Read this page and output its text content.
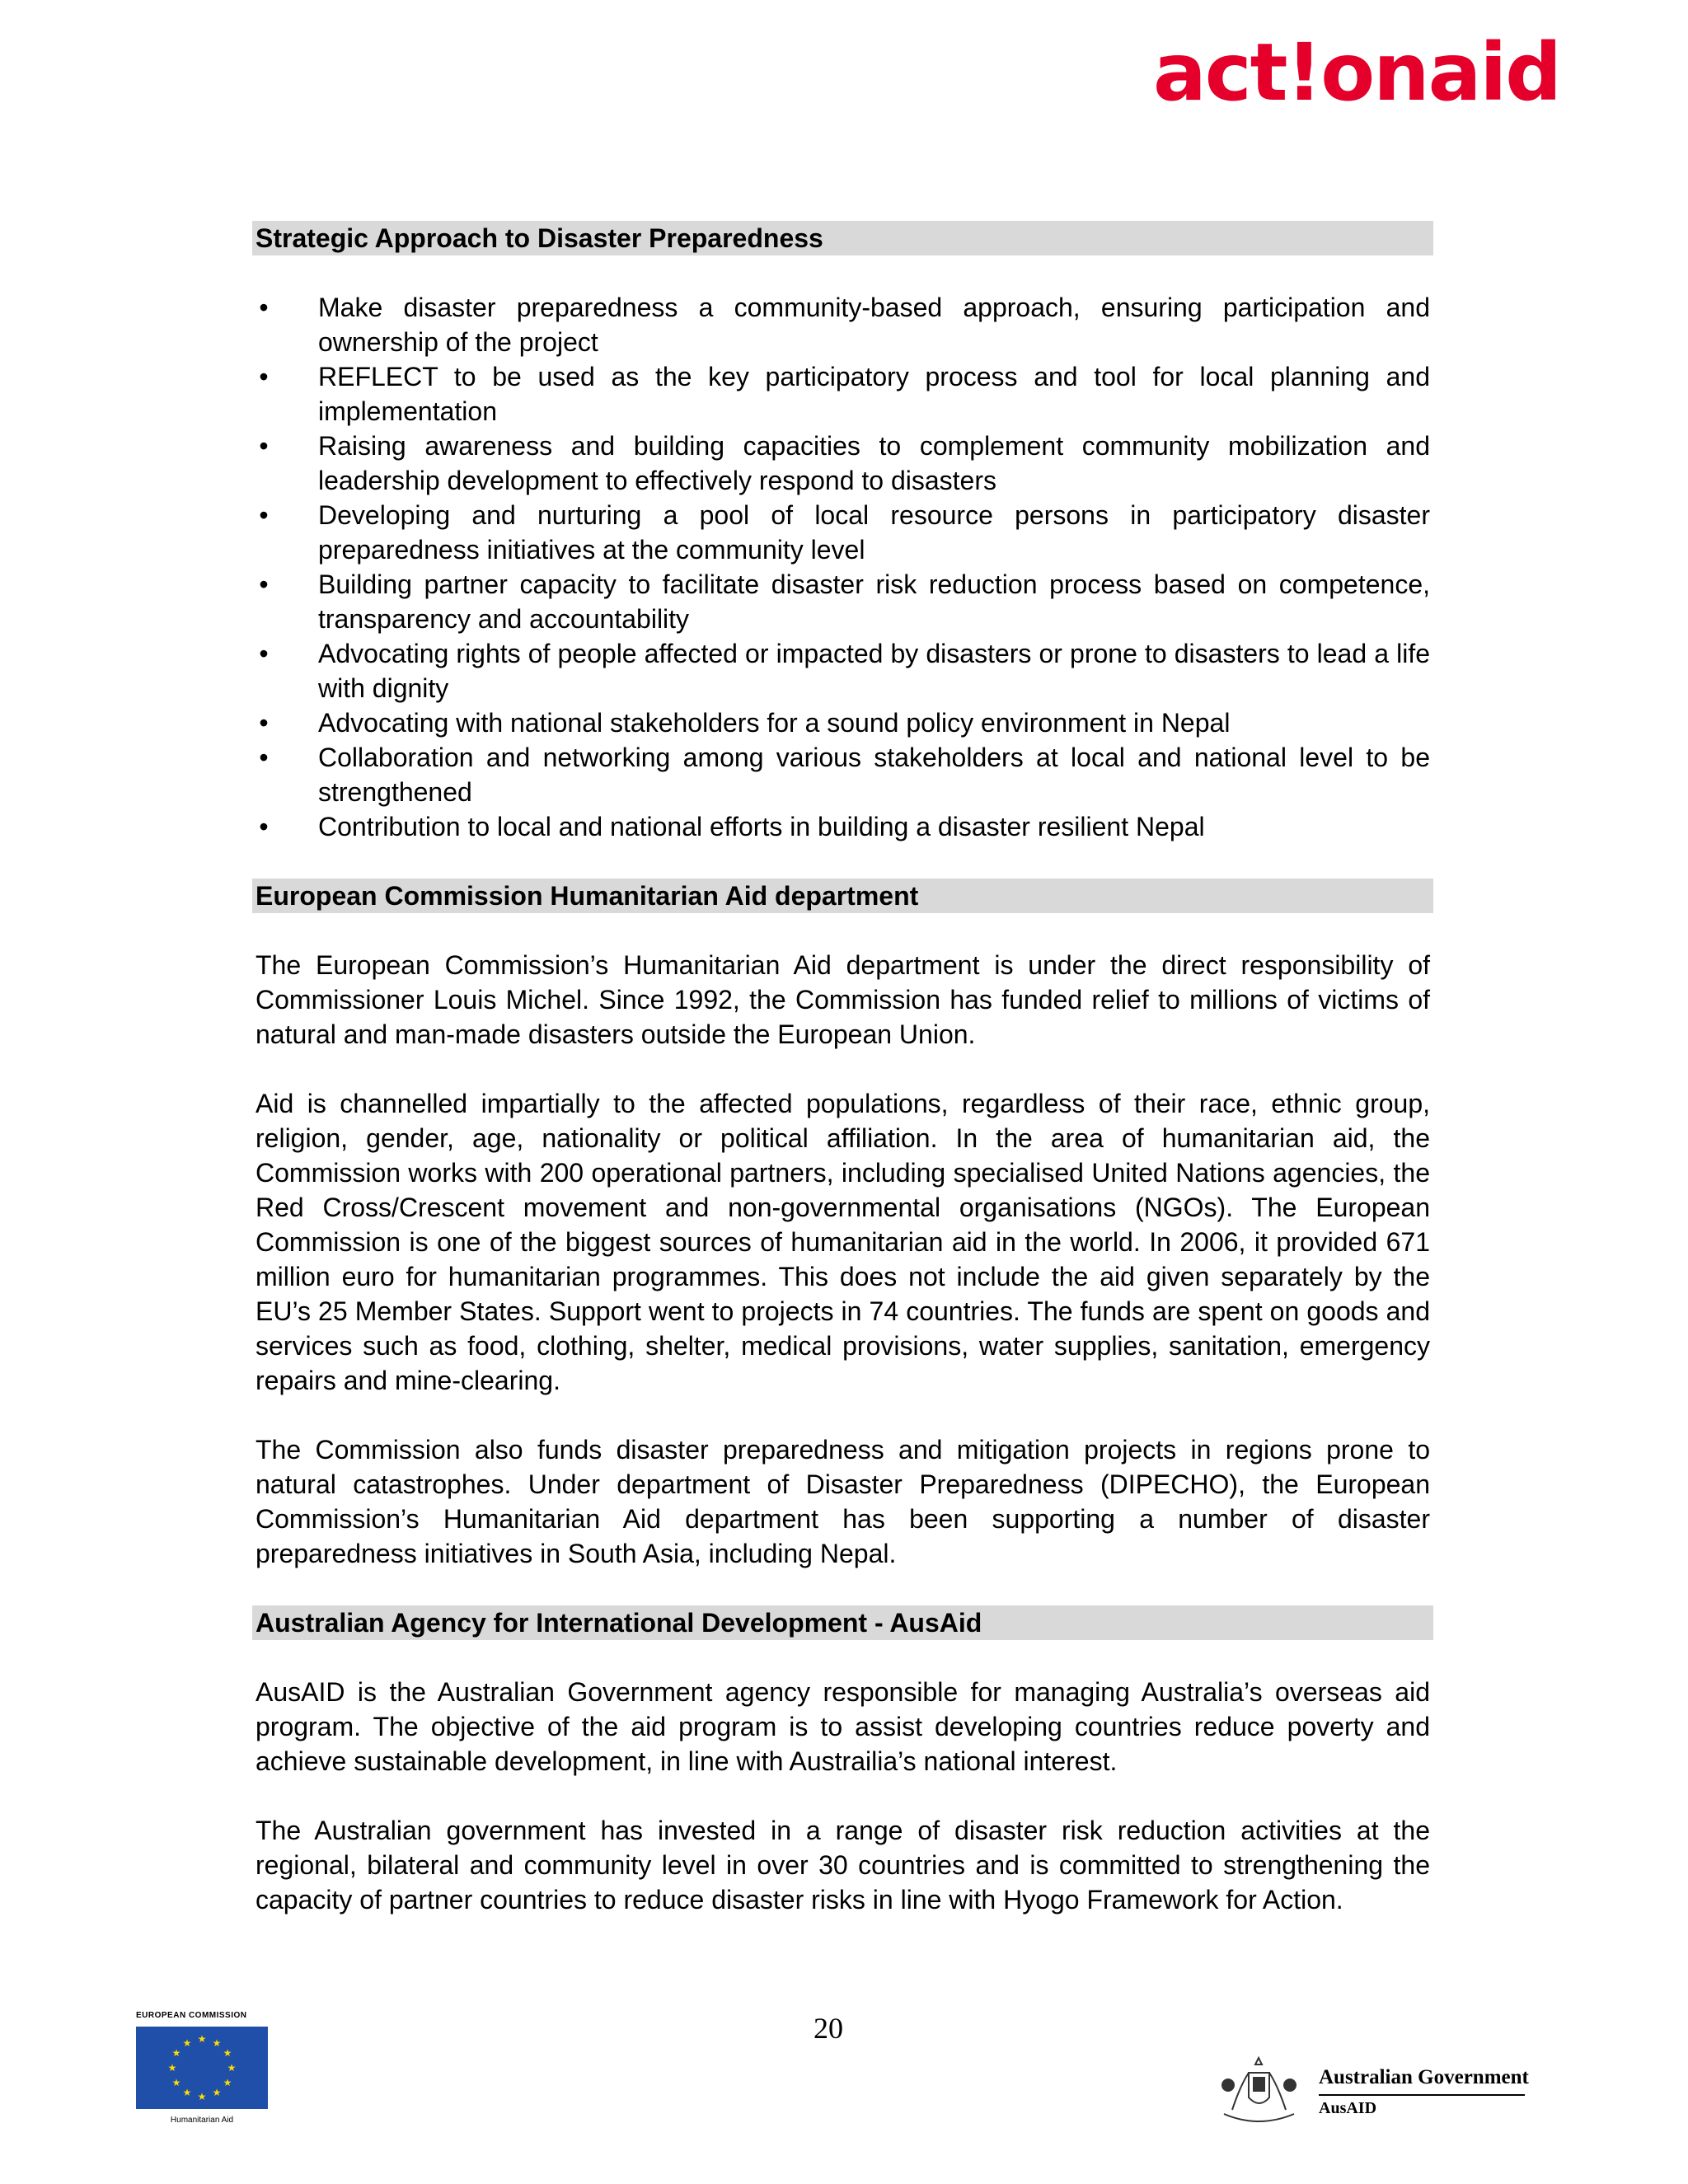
act!onaid
Strategic Approach to Disaster Preparedness
• Make disaster preparedness a community-based approach, ensuring participation and ownership of the project
• REFLECT to be used as the key participatory process and tool for local planning and implementation
• Raising awareness and building capacities to complement community mobilization and leadership development to effectively respond to disasters
• Developing and nurturing a pool of local resource persons in participatory disaster preparedness initiatives at the community level
• Building partner capacity to facilitate disaster risk reduction process based on competence, transparency and accountability
• Advocating rights of people affected or impacted by disasters or prone to disasters to lead a life with dignity
• Advocating with national stakeholders for a sound policy environment in Nepal
• Collaboration and networking among various stakeholders at local and national level to be strengthened
• Contribution to local and national efforts in building a disaster resilient Nepal
European Commission Humanitarian Aid department

The European Commission’s Humanitarian Aid department is under the direct responsibility of Commissioner Louis Michel. Since 1992, the Commission has funded relief to millions of victims of natural and man-made disasters outside the European Union.

Aid is channelled impartially to the affected populations, regardless of their race, ethnic group, religion, gender, age, nationality or political affiliation. In the area of humanitarian aid, the Commission works with 200 operational partners, including specialised United Nations agencies, the Red Cross/Crescent movement and non-governmental organisations (NGOs). The European Commission is one of the biggest sources of humanitarian aid in the world. In 2006, it provided 671 million euro for humanitarian programmes. This does not include the aid given separately by the EU’s 25 Member States. Support went to projects in 74 countries. The funds are spent on goods and services such as food, clothing, shelter, medical provisions, water supplies, sanitation, emergency repairs and mine-clearing.

The Commission also funds disaster preparedness and mitigation projects in regions prone to natural catastrophes. Under department of Disaster Preparedness (DIPECHO), the European Commission’s Humanitarian Aid department has been supporting a number of disaster preparedness initiatives in South Asia, including Nepal.

Australian Agency for International Development - AusAid

AusAID is the Australian Government agency responsible for managing Australia’s overseas aid program. The objective of the aid program is to assist developing countries reduce poverty and achieve sustainable development, in line with Austrailia’s national interest.

The Australian government has invested in a range of disaster risk reduction activities at the regional, bilateral and community level in over 30 countries and is committed to strengthening the capacity of partner countries to reduce disaster risks in line with Hyogo Framework for Action.

20
EUROPEAN COMMISSION
★ ★
★
★
★
★
★
★
★
★
★
★
Humanitarian Aid
Australian Government
AusAID
